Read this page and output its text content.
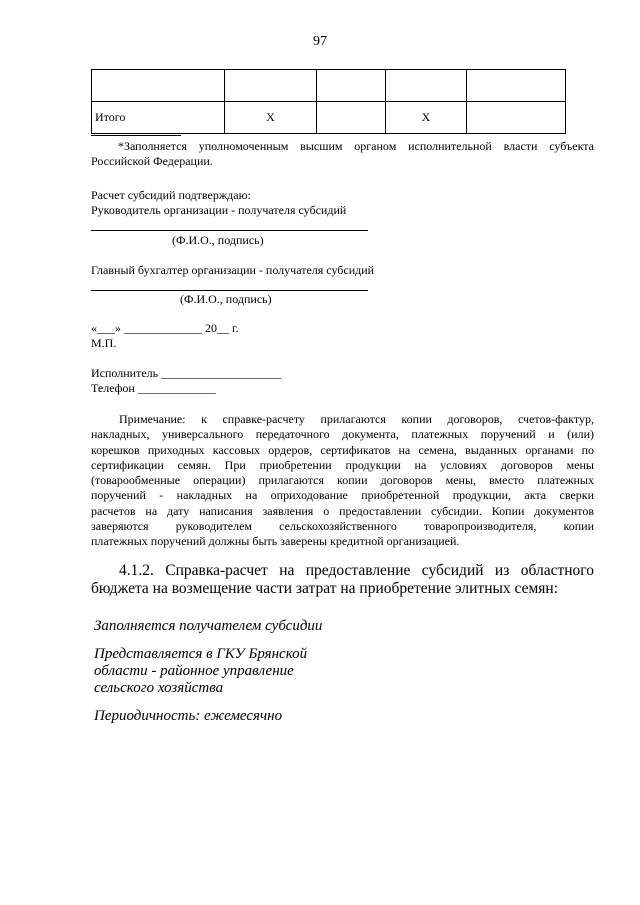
97

Итого	Х		Х	
*Заполняется уполномоченным высшим органом исполнительной власти субъекта
Российской Федерации.
Расчет субсидий подтверждаю:
Руководитель организации - получателя субсидий
(Ф.И.О., подпись)
Главный бухгалтер организации - получателя субсидий
(Ф.И.О., подпись)
«___» _____________ 20__ г.
М.П.
Исполнитель ____________________
Телефон _____________
Примечание: к справке-расчету прилагаются копии договоров, счетов-фактур,
накладных, универсального передаточного документа, платежных поручений и (или)
корешков приходных кассовых ордеров, сертификатов на семена, выданных органами по
сертификации семян. При приобретении продукции на условиях договоров мены
(товарообменные операции) прилагаются копии договоров мены, вместо платежных
поручений - накладных на оприходование приобретенной продукции, акта сверки
расчетов на дату написания заявления о предоставлении субсидии. Копии документов
заверяются руководителем сельскохозяйственного товаропроизводителя, копии
платежных поручений должны быть заверены кредитной организацией.
4.1.2. Справка-расчет на предоставление субсидий из областного
бюджета на возмещение части затрат на приобретение элитных семян:
Заполняется получателем субсидии
Представляется в ГКУ Брянской
области - районное управление
сельского хозяйства
Периодичность: ежемесячно
